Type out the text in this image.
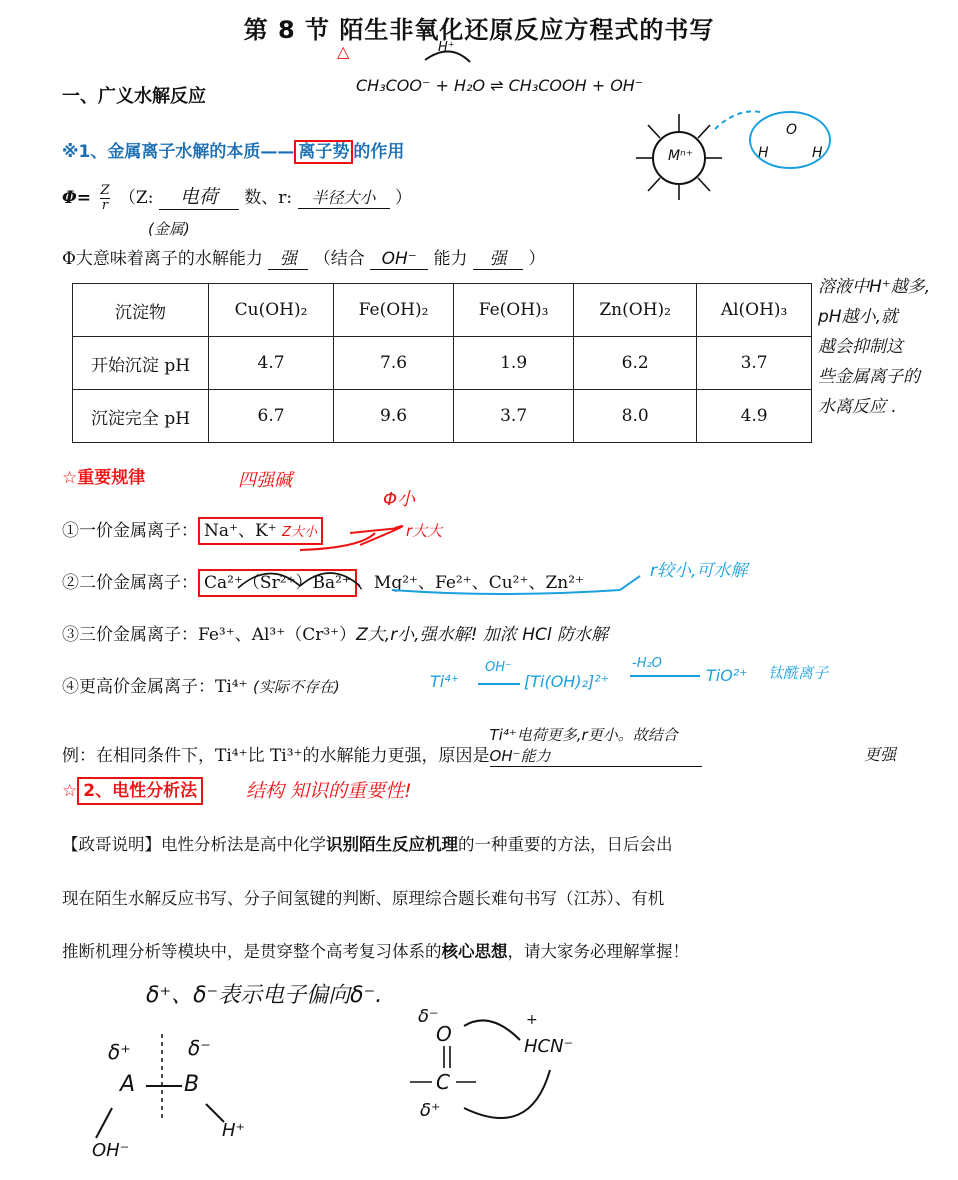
第 8 节 陌生非氧化还原反应方程式的书写
CH₃COO⁻ + H₂O ⇌ CH₃COOH + OH⁻
H⁺
△
一、广义水解反应
※1、金属离子水解的本质—— 离子势 的作用	Mⁿ⁺	H
O
H
$\Phi= \frac{Z}{r} (Z$: 电荷 数、r: 半径大小 ）
(金属)
Φ大意味着离子的水解能力 强 （结合 OH⁻ 能力 强 ）
沉淀物	Cu(OH)₂	Fe(OH)₂	Fe(OH)₃	Zn(OH)₂	Al(OH)₃
开始沉淀 pH	4.7	7.6	1.9	6.2	3.7
沉淀完全 pH	6.7	9.6	3.7	8.0	4.9
溶液中H⁺越多,
pH越小,就
越会抑制这
些金属离子的
水离反应 .
☆重要规律	四强碱
Φ小
①一价金属离子： Na⁺、K⁺ Z大小	r大大
②二价金属离子： Ca²⁺（Sr²⁺）Ba²⁺ 、Mg²⁺、Fe²⁺、Cu²⁺、Zn²⁺
r较小,可水解
③三价金属离子：Fe³⁺、Al³⁺（Cr³⁺）Z大,r小,强水解! 加浓 HCl 防水解
④更高价金属离子：Ti⁴⁺ (实际不存在)	Ti⁴⁺
OH⁻
[Ti(OH)₂]²⁺
-H₂O
TiO²⁺ 钛酰离子
例：在相同条件下，Ti⁴⁺比 Ti³⁺的水解能力更强，原因是Ti⁴⁺电荷更多,r更小。故结合OH⁻能力	更强
☆ 2、电性分析法	结构 知识的重要性!
【政哥说明】电性分析法是高中化学识别陌生反应机理的一种重要的方法，日后会出
现在陌生水解反应书写、分子间氢键的判断、原理综合题长难句书写（江苏）、有机
推断机理分析等模块中，是贯穿整个高考复习体系的核心思想，请大家务必理解掌握！
δ⁺、δ⁻表示电子偏向δ⁻.
δ⁺	δ⁻
A B
OH⁻
H⁺
δ⁻
O
C
δ⁺
+
HCN⁻
